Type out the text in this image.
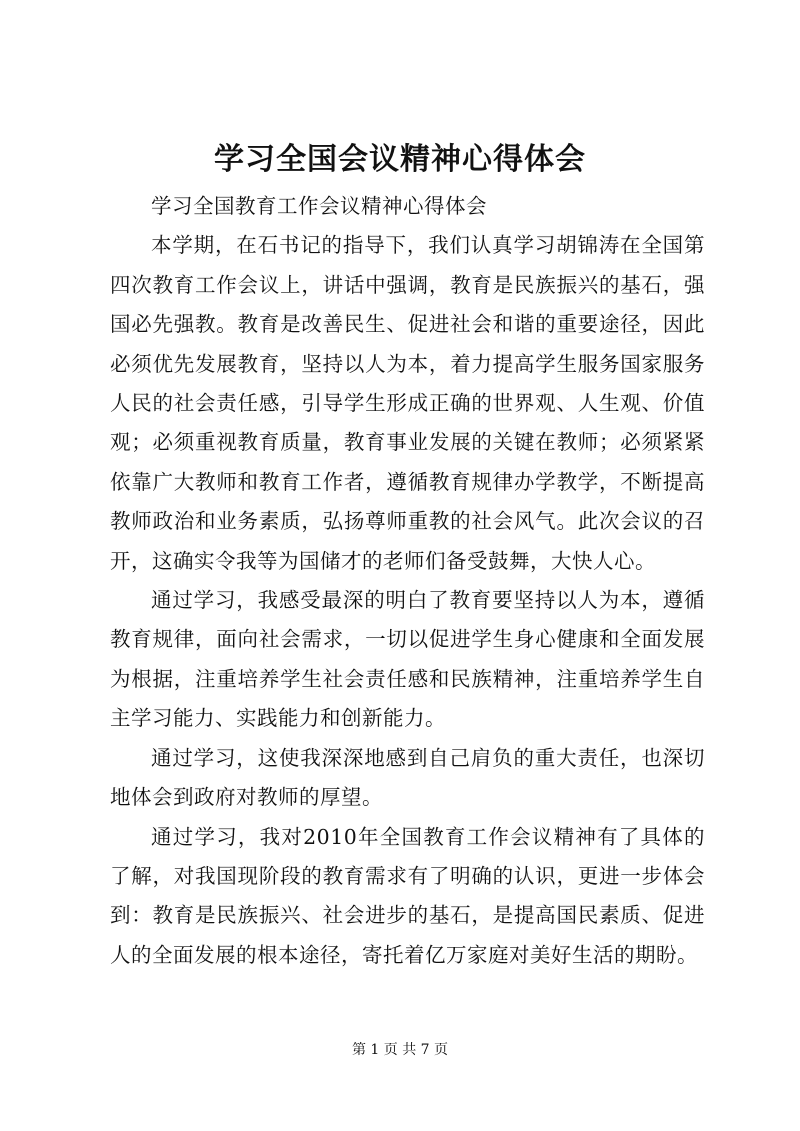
学习全国会议精神心得体会

学习全国教育工作会议精神心得体会

本学期，在石书记的指导下，我们认真学习胡锦涛在全国第四次教育工作会议上，讲话中强调，教育是民族振兴的基石，强国必先强教。教育是改善民生、促进社会和谐的重要途径，因此必须优先发展教育，坚持以人为本，着力提高学生服务国家服务人民的社会责任感，引导学生形成正确的世界观、人生观、价值观；必须重视教育质量，教育事业发展的关键在教师；必须紧紧依靠广大教师和教育工作者，遵循教育规律办学教学，不断提高教师政治和业务素质，弘扬尊师重教的社会风气。此次会议的召开，这确实令我等为国储才的老师们备受鼓舞，大快人心。

通过学习，我感受最深的明白了教育要坚持以人为本，遵循教育规律，面向社会需求，一切以促进学生身心健康和全面发展为根据，注重培养学生社会责任感和民族精神，注重培养学生自主学习能力、实践能力和创新能力。

通过学习，这使我深深地感到自己肩负的重大责任，也深切地体会到政府对教师的厚望。

通过学习，我对2010年全国教育工作会议精神有了具体的了解，对我国现阶段的教育需求有了明确的认识，更进一步体会到：教育是民族振兴、社会进步的基石，是提高国民素质、促进人的全面发展的根本途径，寄托着亿万家庭对美好生活的期盼。

第 1 页 共 7 页
